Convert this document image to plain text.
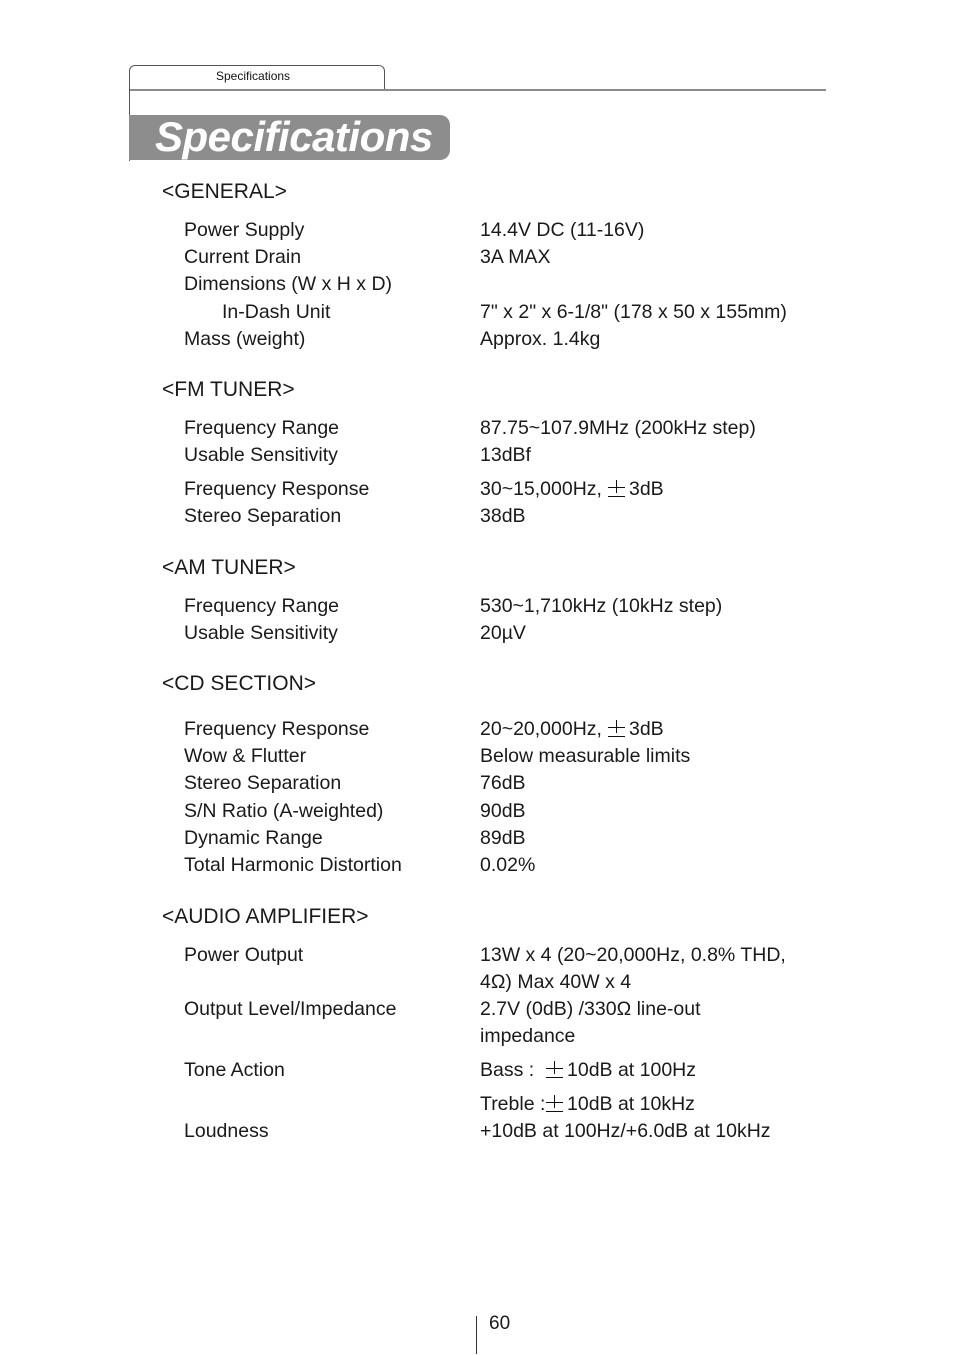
Specifications
Specifications
<GENERAL>
Power Supply	14.4V DC (11-16V)
Current Drain	3A MAX
Dimensions (W x H x D)
In-Dash Unit	7" x 2" x 6-1/8" (178 x 50 x 155mm)
Mass (weight)	Approx. 1.4kg
<FM TUNER>
Frequency Range	87.75~107.9MHz (200kHz step)
Usable Sensitivity	13dBf
Frequency Response	30~15,000Hz, 3dB
Stereo Separation	38dB
<AM TUNER>
Frequency Range	530~1,710kHz (10kHz step)
Usable Sensitivity	20µV
<CD SECTION>
Frequency Response	20~20,000Hz, 3dB
Wow & Flutter	Below measurable limits
Stereo Separation	76dB
S/N Ratio (A-weighted)	90dB
Dynamic Range	89dB
Total Harmonic Distortion	0.02%
<AUDIO AMPLIFIER>
Power Output	13W x 4 (20~20,000Hz, 0.8% THD,
4Ω) Max 40W x 4
Output Level/Impedance	2.7V (0dB) /330Ω line-out
impedance
Tone Action	Bass : 10dB at 100Hz
Treble : 10dB at 10kHz
Loudness	+10dB at 100Hz/+6.0dB at 10kHz
60
